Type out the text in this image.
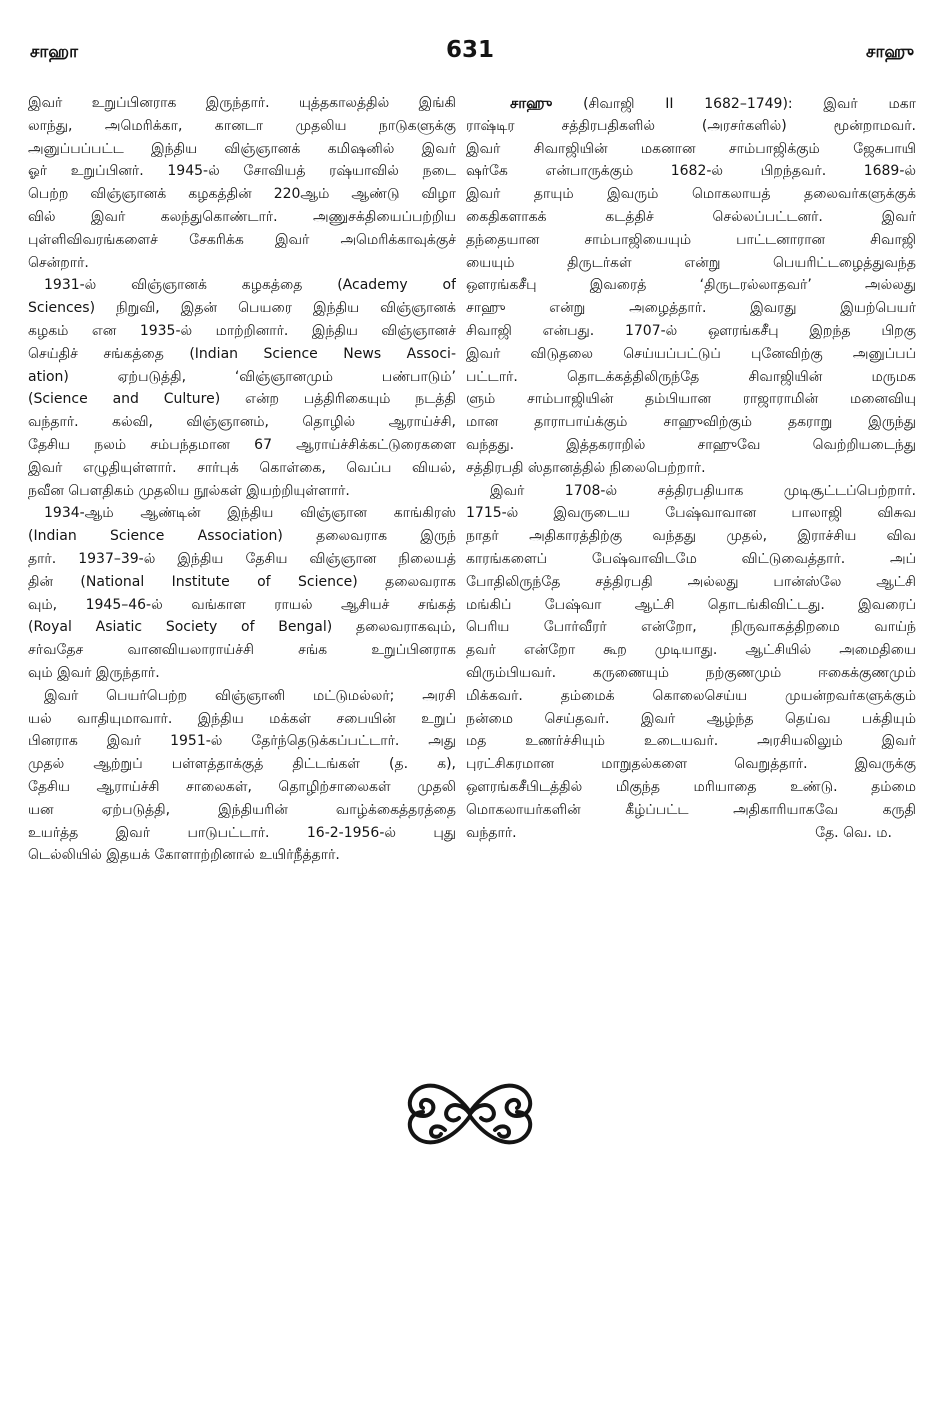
சாஹா	631	சாஹு
இவர் உறுப்பினராக இருந்தார். யுத்தகாலத்தில் இங்கி
லாந்து, அமெரிக்கா, கானடா முதலிய நாடுகளுக்கு
அனுப்பப்பட்ட இந்திய விஞ்ஞானக் கமிஷனில் இவர்
ஓர் உறுப்பினர். 1945-ல் சோவியத் ரஷ்யாவில் நடை
பெற்ற விஞ்ஞானக் கழகத்தின் 220ஆம் ஆண்டு விழா
வில் இவர் கலந்துகொண்டார். அணுசக்தியைப்பற்றிய
புள்ளிவிவரங்களைச் சேகரிக்க இவர் அமெரிக்காவுக்குச்
சென்றார்.
1931-ல் விஞ்ஞானக் கழகத்தை (Academy of
Sciences) நிறுவி, இதன் பெயரை இந்திய விஞ்ஞானக்
கழகம் என 1935-ல் மாற்றினார். இந்திய விஞ்ஞானச்
செய்திச் சங்கத்தை (Indian Science News Associ-
ation) ஏற்படுத்தி, ‘விஞ்ஞானமும் பண்பாடும்’
(Science and Culture) என்ற பத்திரிகையும் நடத்தி
வந்தார். கல்வி, விஞ்ஞானம், தொழில் ஆராய்ச்சி,
தேசிய நலம் சம்பந்தமான 67 ஆராய்ச்சிக்கட்டுரைகளை
இவர் எழுதியுள்ளார். சார்புக் கொள்கை, வெப்ப வியல்,
நவீன பௌதிகம் முதலிய நூல்கள் இயற்றியுள்ளார்.
1934-ஆம் ஆண்டின் இந்திய விஞ்ஞான காங்கிரஸ்
(Indian Science Association) தலைவராக இருந்
தார். 1937–39-ல் இந்திய தேசிய விஞ்ஞான நிலையத்
தின் (National Institute of Science) தலைவராக
வும், 1945–46-ல் வங்காள ராயல் ஆசியச் சங்கத்
(Royal Asiatic Society of Bengal) தலைவராகவும்,
சர்வதேச வானவியலாராய்ச்சி சங்க உறுப்பினராக
வும் இவர் இருந்தார்.
இவர் பெயர்பெற்ற விஞ்ஞானி மட்டுமல்லர்; அரசி
யல் வாதியுமாவார். இந்திய மக்கள் சபையின் உறுப்
பினராக இவர் 1951-ல் தேர்ந்தெடுக்கப்பட்டார். அது
முதல் ஆற்றுப் பள்ளத்தாக்குத் திட்டங்கள் (த. க),
தேசிய ஆராய்ச்சி சாலைகள், தொழிற்சாலைகள் முதலி
யன ஏற்படுத்தி, இந்தியரின் வாழ்க்கைத்தரத்தை
உயர்த்த இவர் பாடுபட்டார். 16-2-1956-ல் புது
டெல்லியில் இதயக் கோளாற்றினால் உயிர்நீத்தார்.
சாஹு (சிவாஜி II 1682–1749): இவர் மகா
ராஷ்டிர சத்திரபதிகளில் (அரசர்களில்) மூன்றாமவர்.
இவர் சிவாஜியின் மகனான சாம்பாஜிக்கும் ஜேசுபாயி
ஷர்கே என்பாருக்கும் 1682-ல் பிறந்தவர். 1689-ல்
இவர் தாயும் இவரும் மொகலாயத் தலைவர்களுக்குக்
கைதிகளாகக் கடத்திச் செல்லப்பட்டனர். இவர்
தந்தையான சாம்பாஜியையும் பாட்டனாரான சிவாஜி
யையும் திருடர்கள் என்று பெயரிட்டழைத்துவந்த
ஔரங்கசீபு இவரைத் ‘திருடரல்லாதவர்’ அல்லது
சாஹு என்று அழைத்தார். இவரது இயற்பெயர்
சிவாஜி என்பது. 1707-ல் ஔரங்கசீபு இறந்த பிறகு
இவர் விடுதலை செய்யப்பட்டுப் புனேவிற்கு அனுப்பப்
பட்டார். தொடக்கத்திலிருந்தே சிவாஜியின் மருமக
ளும் சாம்பாஜியின் தம்பியான ராஜாராமின் மனைவியு
மான தாராபாய்க்கும் சாஹுவிற்கும் தகராறு இருந்து
வந்தது. இத்தகராறில் சாஹுவே வெற்றியடைந்து
சத்திரபதி ஸ்தானத்தில் நிலைபெற்றார்.
இவர் 1708-ல் சத்திரபதியாக முடிசூட்டப்பெற்றார்.
1715-ல் இவருடைய பேஷ்வாவான பாலாஜி விசுவ
நாதர் அதிகாரத்திற்கு வந்தது முதல், இராச்சிய விவ
காரங்களைப் பேஷ்வாவிடமே விட்டுவைத்தார். அப்
போதிலிருந்தே சத்திரபதி அல்லது பான்ஸ்லே ஆட்சி
மங்கிப் பேஷ்வா ஆட்சி தொடங்கிவிட்டது. இவரைப்
பெரிய போர்வீரர் என்றோ, நிருவாகத்திறமை வாய்ந்
தவர் என்றோ கூற முடியாது. ஆட்சியில் அமைதியை
விரும்பியவர். கருணையும் நற்குணமும் ஈகைக்குணமும்
மிக்கவர். தம்மைக் கொலைசெய்ய முயன்றவர்களுக்கும்
நன்மை செய்தவர். இவர் ஆழ்ந்த தெய்வ பக்தியும்
மத உணர்ச்சியும் உடையவர். அரசியலிலும் இவர்
புரட்சிகரமான மாறுதல்களை வெறுத்தார். இவருக்கு
ஔரங்கசீபிடத்தில் மிகுந்த மரியாதை உண்டு. தம்மை
மொகலாயர்களின் கீழ்ப்பட்ட அதிகாரியாகவே கருதி
வந்தார்.	தே. வெ. ம.
